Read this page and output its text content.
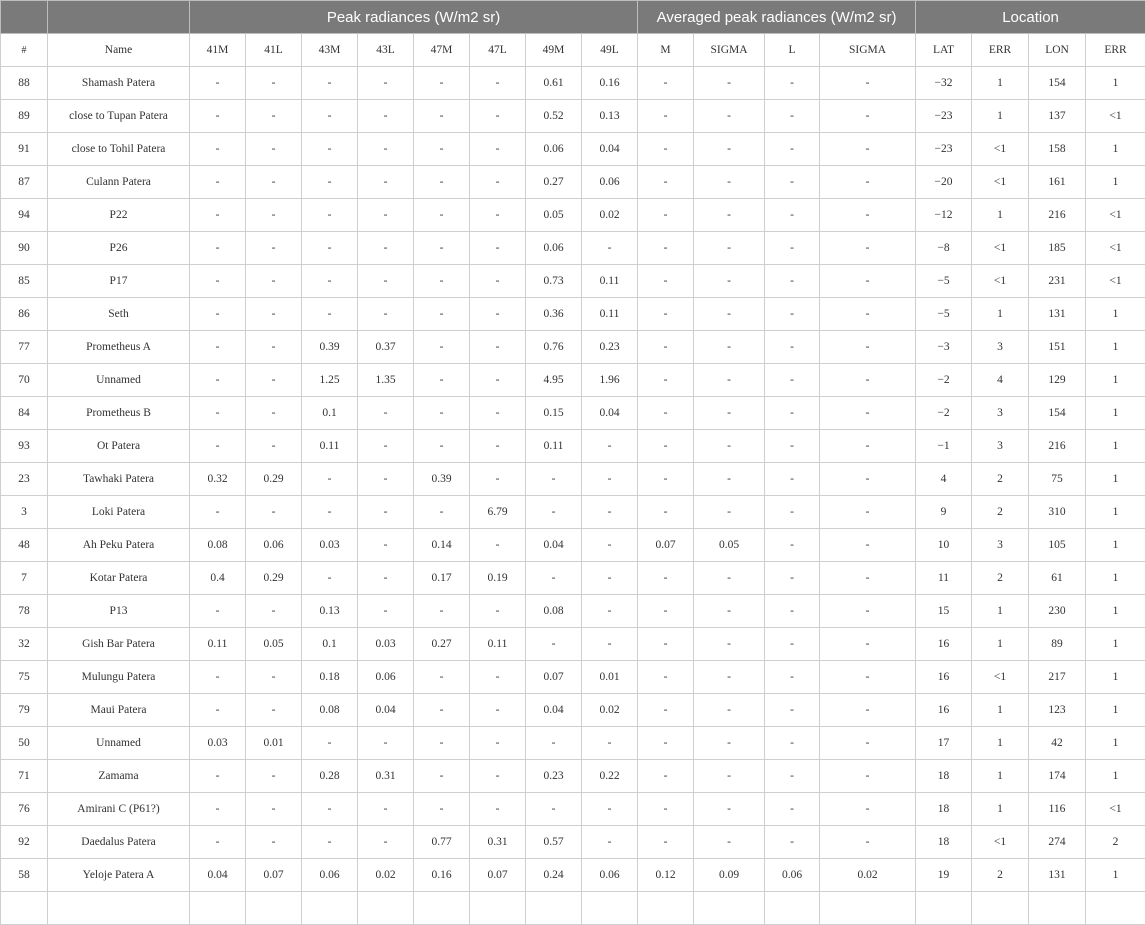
		Peak radiances (W/m2 sr)								Averaged peak radiances (W/m2 sr)				Location			
#	Name	41M	41L	43M	43L	47M	47L	49M	49L	M	SIGMA	L	SIGMA	LAT	ERR	LON	ERR
88	Shamash Patera	-	-	-	-	-	-	0.61	0.16	-	-	-	-	−32	1	154	1
89	close to Tupan Patera	-	-	-	-	-	-	0.52	0.13	-	-	-	-	−23	1	137	<1
91	close to Tohil Patera	-	-	-	-	-	-	0.06	0.04	-	-	-	-	−23	<1	158	1
87	Culann Patera	-	-	-	-	-	-	0.27	0.06	-	-	-	-	−20	<1	161	1
94	P22	-	-	-	-	-	-	0.05	0.02	-	-	-	-	−12	1	216	<1
90	P26	-	-	-	-	-	-	0.06	-	-	-	-	-	−8	<1	185	<1
85	P17	-	-	-	-	-	-	0.73	0.11	-	-	-	-	−5	<1	231	<1
86	Seth	-	-	-	-	-	-	0.36	0.11	-	-	-	-	−5	1	131	1
77	Prometheus A	-	-	0.39	0.37	-	-	0.76	0.23	-	-	-	-	−3	3	151	1
70	Unnamed	-	-	1.25	1.35	-	-	4.95	1.96	-	-	-	-	−2	4	129	1
84	Prometheus B	-	-	0.1	-	-	-	0.15	0.04	-	-	-	-	−2	3	154	1
93	Ot Patera	-	-	0.11	-	-	-	0.11	-	-	-	-	-	−1	3	216	1
23	Tawhaki Patera	0.32	0.29	-	-	0.39	-	-	-	-	-	-	-	4	2	75	1
3	Loki Patera	-	-	-	-	-	6.79	-	-	-	-	-	-	9	2	310	1
48	Ah Peku Patera	0.08	0.06	0.03	-	0.14	-	0.04	-	0.07	0.05	-	-	10	3	105	1
7	Kotar Patera	0.4	0.29	-	-	0.17	0.19	-	-	-	-	-	-	11	2	61	1
78	P13	-	-	0.13	-	-	-	0.08	-	-	-	-	-	15	1	230	1
32	Gish Bar Patera	0.11	0.05	0.1	0.03	0.27	0.11	-	-	-	-	-	-	16	1	89	1
75	Mulungu Patera	-	-	0.18	0.06	-	-	0.07	0.01	-	-	-	-	16	<1	217	1
79	Maui Patera	-	-	0.08	0.04	-	-	0.04	0.02	-	-	-	-	16	1	123	1
50	Unnamed	0.03	0.01	-	-	-	-	-	-	-	-	-	-	17	1	42	1
71	Zamama	-	-	0.28	0.31	-	-	0.23	0.22	-	-	-	-	18	1	174	1
76	Amirani C (P61?)	-	-	-	-	-	-	-	-	-	-	-	-	18	1	116	<1
92	Daedalus Patera	-	-	-	-	0.77	0.31	0.57	-	-	-	-	-	18	<1	274	2
58	Yeloje Patera A	0.04	0.07	0.06	0.02	0.16	0.07	0.24	0.06	0.12	0.09	0.06	0.02	19	2	131	1
